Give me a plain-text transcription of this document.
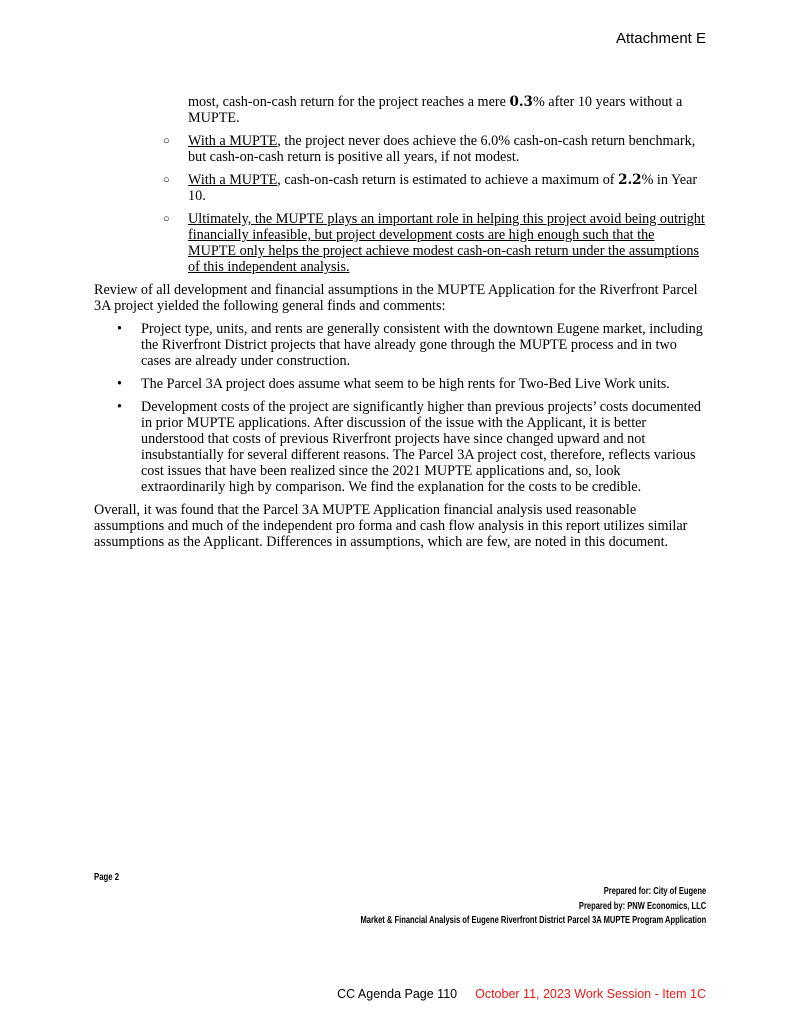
Attachment E
most, cash-on-cash return for the project reaches a mere 0.3% after 10 years without a MUPTE.
○ With a MUPTE, the project never does achieve the 6.0% cash-on-cash return benchmark, but cash-on-cash return is positive all years, if not modest.
○ With a MUPTE, cash-on-cash return is estimated to achieve a maximum of 2.2% in Year 10.
○ Ultimately, the MUPTE plays an important role in helping this project avoid being outright financially infeasible, but project development costs are high enough such that the MUPTE only helps the project achieve modest cash-on-cash return under the assumptions of this independent analysis.

Review of all development and financial assumptions in the MUPTE Application for the Riverfront Parcel 3A project yielded the following general finds and comments:

• Project type, units, and rents are generally consistent with the downtown Eugene market, including the Riverfront District projects that have already gone through the MUPTE process and in two cases are already under construction.
• The Parcel 3A project does assume what seem to be high rents for Two-Bed Live Work units.
• Development costs of the project are significantly higher than previous projects’ costs documented in prior MUPTE applications. After discussion of the issue with the Applicant, it is better understood that costs of previous Riverfront projects have since changed upward and not insubstantially for several different reasons. The Parcel 3A project cost, therefore, reflects various cost issues that have been realized since the 2021 MUPTE applications and, so, look extraordinarily high by comparison. We find the explanation for the costs to be credible.

Overall, it was found that the Parcel 3A MUPTE Application financial analysis used reasonable assumptions and much of the independent pro forma and cash flow analysis in this report utilizes similar assumptions as the Applicant. Differences in assumptions, which are few, are noted in this document.

Page 2
Prepared for: City of Eugene
Prepared by: PNW Economics, LLC
Market & Financial Analysis of Eugene Riverfront District Parcel 3A MUPTE Program Application
CC Agenda Page 110 October 11, 2023 Work Session - Item 1C
